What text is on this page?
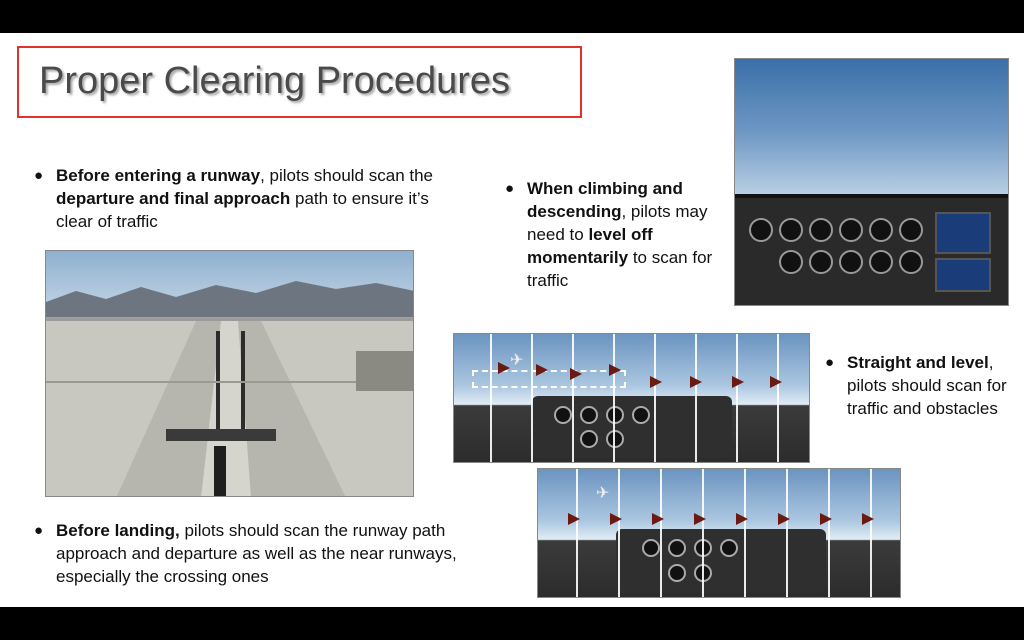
Proper Clearing Procedures
● Before entering a runway, pilots should scan the departure and final approach path to ensure it’s clear of traffic
● When climbing and descending, pilots may need to level off momentarily to scan for traffic
● Straight and level, pilots should scan for traffic and obstacles
● Before landing, pilots should scan the runway path approach and departure as well as the near runways, especially the crossing ones
✈
✈
